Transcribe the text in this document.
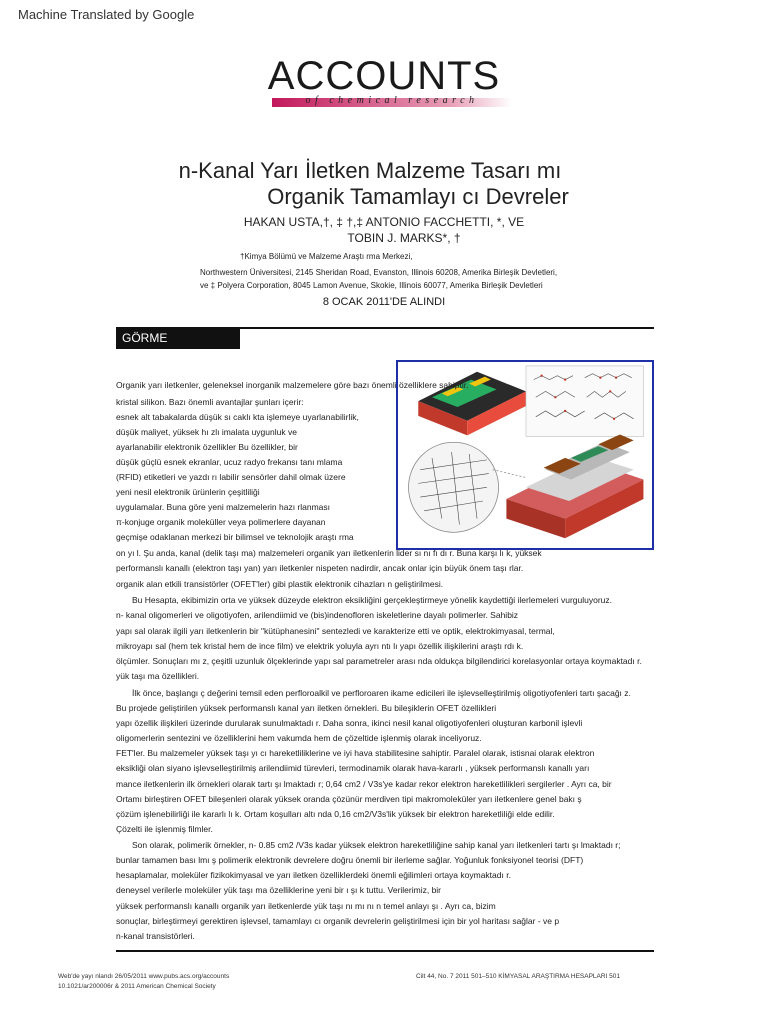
Machine Translated by Google
ACCOUNTS
of chemical research
n-Kanal Yarı İletken Malzeme Tasarı mı
Organik Tamamlayı cı Devreler
HAKAN USTA,†, ‡ †,‡ ANTONIO FACCHETTI, *, VE
TOBIN J. MARKS*, †
†Kimya Bölümü ve Malzeme Araştı rma Merkezi,
Northwestern Üniversitesi, 2145 Sheridan Road, Evanston, Illinois 60208, Amerika Birleşik Devletleri,
ve ‡ Polyera Corporation, 8045 Lamon Avenue, Skokie, Illinois 60077, Amerika Birleşik Devletleri
8 OCAK 2011'DE ALINDI
GÖRME
Organik yarı iletkenler, geleneksel inorganik malzemelere göre bazı önemli özelliklere sahiptir.
kristal silikon. Bazı önemli avantajlar şunları içerir:
esnek alt tabakalarda düşük sı caklı kta işlemeye uyarlanabilirlik,
düşük maliyet, yüksek hı zlı imalata uygunluk ve
ayarlanabilir elektronik özellikler Bu özellikler, bir
düşük güçlü esnek ekranlar, ucuz radyo frekansı tanı mlama
(RFID) etiketleri ve yazdı rı labilir sensörler dahil olmak üzere
yeni nesil elektronik ürünlerin çeşitliliği
uygulamalar. Buna göre yeni malzemelerin hazı rlanması
π-konjuge organik moleküller veya polimerlere dayanan
geçmişe odaklanan merkezi bir bilimsel ve teknolojik araştı rma
on yı l. Şu anda, kanal (delik taşı ma) malzemeleri organik yarı iletkenlerin lider sı nı fı dı r. Buna karşı lı k, yüksek
performanslı kanallı (elektron taşı yan) yarı iletkenler nispeten nadirdir, ancak onlar için büyük önem taşı rlar.
organik alan etkili transistörler (OFET'ler) gibi plastik elektronik cihazları n geliştirilmesi.
Bu Hesapta, ekibimizin orta ve yüksek düzeyde elektron eksikliğini gerçekleştirmeye yönelik kaydettiği ilerlemeleri vurguluyoruz.
n- kanal oligomerleri ve oligotiyofen, arilendiimid ve (bis)indenofloren iskeletlerine dayalı polimerler. Sahibiz
yapı sal olarak ilgili yarı iletkenlerin bir "kütüphanesini" sentezledi ve karakterize etti ve optik, elektrokimyasal, termal,
mikroyapı sal (hem tek kristal hem de ince film) ve elektrik yoluyla ayrı ntı lı yapı özellik ilişkilerini araştı rdı k.
ölçümler. Sonuçları mı z, çeşitli uzunluk ölçeklerinde yapı sal parametreler arası nda oldukça bilgilendirici korelasyonlar ortaya koymaktadı r.
yük taşı ma özellikleri.
İlk önce, başlangı ç değerini temsil eden perfloroalkil ve perfloroaren ikame edicileri ile işlevselleştirilmiş oligotiyofenleri tartı şacağı z.
Bu projede geliştirilen yüksek performanslı kanal yarı iletken örnekleri. Bu bileşiklerin OFET özellikleri
yapı özellik ilişkileri üzerinde durularak sunulmaktadı r. Daha sonra, ikinci nesil kanal oligotiyofenleri oluşturan karbonil işlevli
oligomerlerin sentezini ve özelliklerini hem vakumda hem de çözeltide işlenmiş olarak inceliyoruz.
FET'ler. Bu malzemeler yüksek taşı yı cı hareketliliklerine ve iyi hava stabilitesine sahiptir. Paralel olarak, istisnai olarak elektron
eksikliği olan siyano işlevselleştirilmiş arilendiimid türevleri, termodinamik olarak hava-kararlı , yüksek performanslı kanallı yarı
mance iletkenlerin ilk örnekleri olarak tartı şı lmaktadı r; 0,64 cm2 / V3s'ye kadar rekor elektron hareketlilikleri sergilerler . Ayrı ca, bir
Ortamı birleştiren OFET bileşenleri olarak yüksek oranda çözünür merdiven tipi makromoleküler yarı iletkenlere genel bakı ş
çözüm işlenebilirliği ile kararlı lı k. Ortam koşulları altı nda 0,16 cm2/V3s'lik yüksek bir elektron hareketliliği elde edilir.
Çözelti ile işlenmiş filmler.
Son olarak, polimerik örnekler, n- 0.85 cm2 /V3s kadar yüksek elektron hareketliliğine sahip kanal yarı iletkenleri tartı şı lmaktadı r;
bunlar tamamen bası lmı ş polimerik elektronik devrelere doğru önemli bir ilerleme sağlar. Yoğunluk fonksiyonel teorisi (DFT)
hesaplamalar, moleküler fizikokimyasal ve yarı iletken özelliklerdeki önemli eğilimleri ortaya koymaktadı r.
deneysel verilerle moleküler yük taşı ma özelliklerine yeni bir ı şı k tuttu. Verilerimiz, bir
yüksek performanslı kanallı organik yarı iletkenlerde yük taşı nı mı nı n temel anlayı şı . Ayrı ca, bizim
sonuçlar, birleştirmeyi gerektiren işlevsel, tamamlayı cı organik devrelerin geliştirilmesi için bir yol haritası sağlar - ve p
n-kanal transistörleri.
Web'de yayı nlandı 26/05/2011 www.pubs.acs.org/accounts
10.1021/ar200006r & 2011 American Chemical Society
Cilt 44, No. 7 2011 501–510 KİMYASAL ARAŞTIRMA HESAPLARI 501
